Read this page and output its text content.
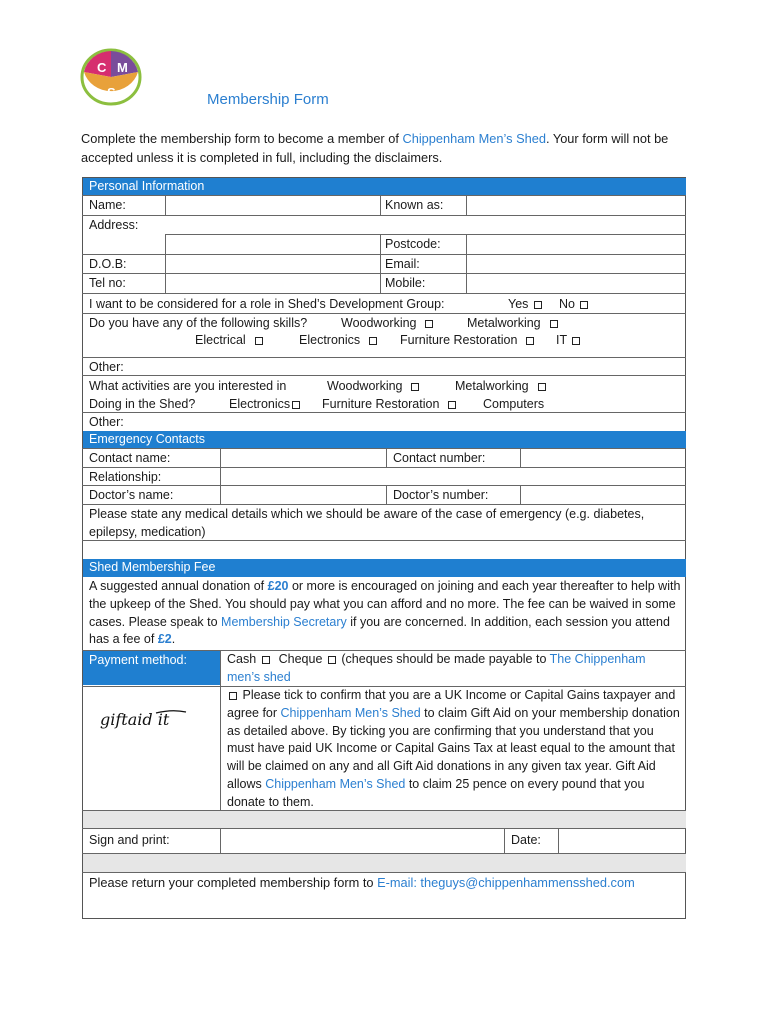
C M
S	Membership Form
Complete the membership form to become a member of Chippenham Men’s Shed. Your form will not be accepted unless it is completed in full, including the disclaimers.
Personal Information
Name:	Known as:
Address:
Postcode:
D.O.B:	Email:
Tel no:	Mobile:
I want to be considered for a role in Shed’s Development Group:	Yes	No
Do you have any of the following skills?	Woodworking	Metalworking
Electrical	Electronics	Furniture Restoration	IT
Other:
What activities are you interested in
Doing in the Shed?
Woodworking	Metalworking
Electronics	Furniture Restoration	Computers
Other:
Emergency Contacts
Contact name:	Contact number:
Relationship:
Doctor’s name:	Doctor’s number:
Please state any medical details which we should be aware of the case of emergency (e.g. diabetes, epilepsy, medication)
Shed Membership Fee
A suggested annual donation of £20 or more is encouraged on joining and each year thereafter to help with the upkeep of the Shed. You should pay what you can afford and no more. The fee can be waived in some cases. Please speak to Membership Secretary if you are concerned. In addition, each session you attend has a fee of £2.
Payment method:	Cash Cheque (cheques should be made payable to The Chippenham men’s shed
giftaid it
Please tick to confirm that you are a UK Income or Capital Gains taxpayer and agree for Chippenham Men’s Shed to claim Gift Aid on your membership donation as detailed above. By ticking you are confirming that you understand that you must have paid UK Income or Capital Gains Tax at least equal to the amount that will be claimed on any and all Gift Aid donations in any given tax year. Gift Aid allows Chippenham Men’s Shed to claim 25 pence on every pound that you donate to them.
Sign and print:	Date:
Please return your completed membership form to E-mail: theguys@chippenhammensshed.com
